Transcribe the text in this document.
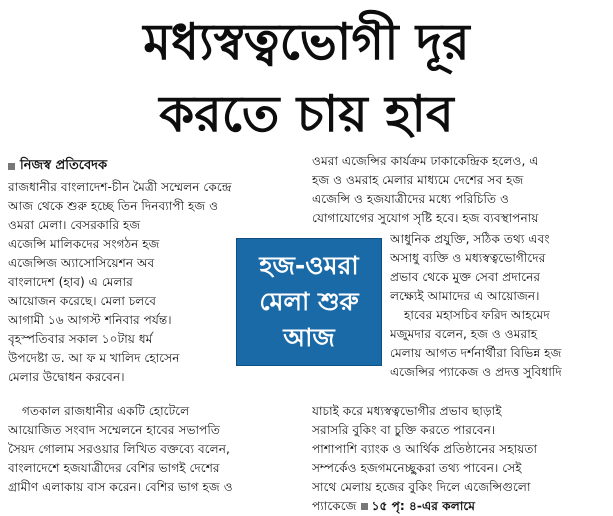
মধ্যস্বত্বভোগী দূর
করতে চায় হাব
নিজস্ব প্রতিবেদক
রাজধানীর বাংলাদেশ-চীন মৈত্রী সম্মেলন কেন্দ্রে
আজ থেকে শুরু হচ্ছে তিন দিনব্যাপী হজ ও
ওমরা মেলা। বেসরকারি হজ
এজেন্সি মালিকদের সংগঠন হজ
এজেন্সিজ অ্যাসোসিয়েশন অব
বাংলাদেশ (হাব) এ মেলার
আয়োজন করেছে। মেলা চলবে
আগামী ১৬ আগস্ট শনিবার পর্যন্ত।
বৃহস্পতিবার সকাল ১০টায় ধর্ম
উপদেষ্টা ড. আ ফ ম খালিদ হোসেন
মেলার উদ্বোধন করবেন।
হজ-ওমরা
মেলা শুরু
আজ
গতকাল রাজধানীর একটি হোটেলে
আয়োজিত সংবাদ সম্মেলনে হাবের সভাপতি
সৈয়দ গোলাম সরওয়ার লিখিত বক্তব্যে বলেন,
বাংলাদেশে হজযাত্রীদের বেশির ভাগই দেশের
গ্রামীণ এলাকায় বাস করেন। বেশির ভাগ হজ ও
ওমরা এজেন্সির কার্যক্রম ঢাকাকেন্দ্রিক হলেও, এ
হজ ও ওমরাহ মেলার মাধ্যমে দেশের সব হজ
এজেন্সি ও হজযাত্রীদের মধ্যে পরিচিতি ও
যোগাযোগের সুযোগ সৃষ্টি হবে। হজ ব্যবস্থাপনায়
আধুনিক প্রযুক্তি, সঠিক তথ্য এবং
অসাধু ব্যক্তি ও মধ্যস্বত্বভোগীদের
প্রভাব থেকে মুক্ত সেবা প্রদানের
লক্ষ্যেই আমাদের এ আয়োজন।
হাবের মহাসচিব ফরিদ আহমেদ
মজুমদার বলেন, হজ ও ওমরাহ
মেলায় আগত দর্শনার্থীরা বিভিন্ন হজ
এজেন্সির প্যাকেজ ও প্রদত্ত সুবিধাদি
যাচাই করে মধ্যস্বত্বভোগীর প্রভাব ছাড়াই
সরাসরি বুকিং বা চুক্তি করতে পারবেন।
পাশাপাশি ব্যাংক ও আর্থিক প্রতিষ্ঠানের সহায়তা
সম্পর্কেও হজগমনেচ্ছুকরা তথ্য পাবেন। সেই
সাথে মেলায় হজের বুকিং দিলে এজেন্সিগুলো
প্যাকেজে ১৫ পৃ: ৪-এর কলামে
